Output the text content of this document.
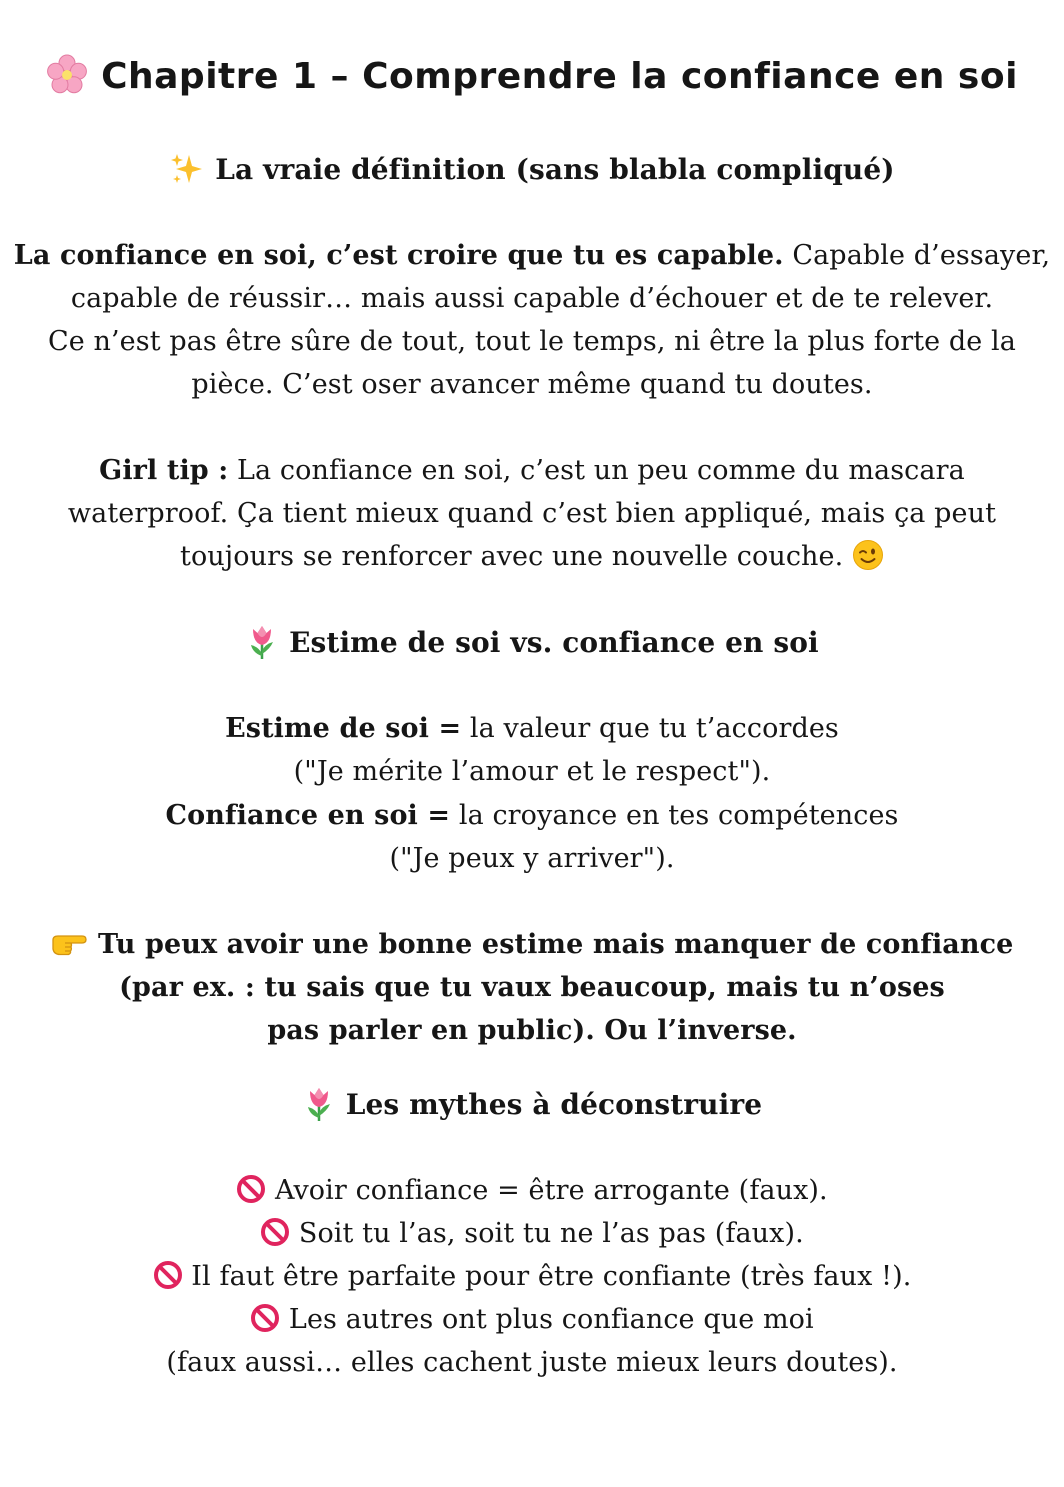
Chapitre 1 – Comprendre la confiance en soi
La vraie définition (sans blabla compliqué)
La confiance en soi, c’est croire que tu es capable. Capable d’essayer,
capable de réussir… mais aussi capable d’échouer et de te relever.
Ce n’est pas être sûre de tout, tout le temps, ni être la plus forte de la
pièce. C’est oser avancer même quand tu doutes.
Girl tip : La confiance en soi, c’est un peu comme du mascara
waterproof. Ça tient mieux quand c’est bien appliqué, mais ça peut
toujours se renforcer avec une nouvelle couche.
Estime de soi vs. confiance en soi
Estime de soi = la valeur que tu t’accordes
("Je mérite l’amour et le respect").
Confiance en soi = la croyance en tes compétences
("Je peux y arriver").
Tu peux avoir une bonne estime mais manquer de confiance
(par ex. : tu sais que tu vaux beaucoup, mais tu n’oses
pas parler en public). Ou l’inverse.
Les mythes à déconstruire
Avoir confiance = être arrogante (faux).
Soit tu l’as, soit tu ne l’as pas (faux).
Il faut être parfaite pour être confiante (très faux !).
Les autres ont plus confiance que moi
(faux aussi… elles cachent juste mieux leurs doutes).
